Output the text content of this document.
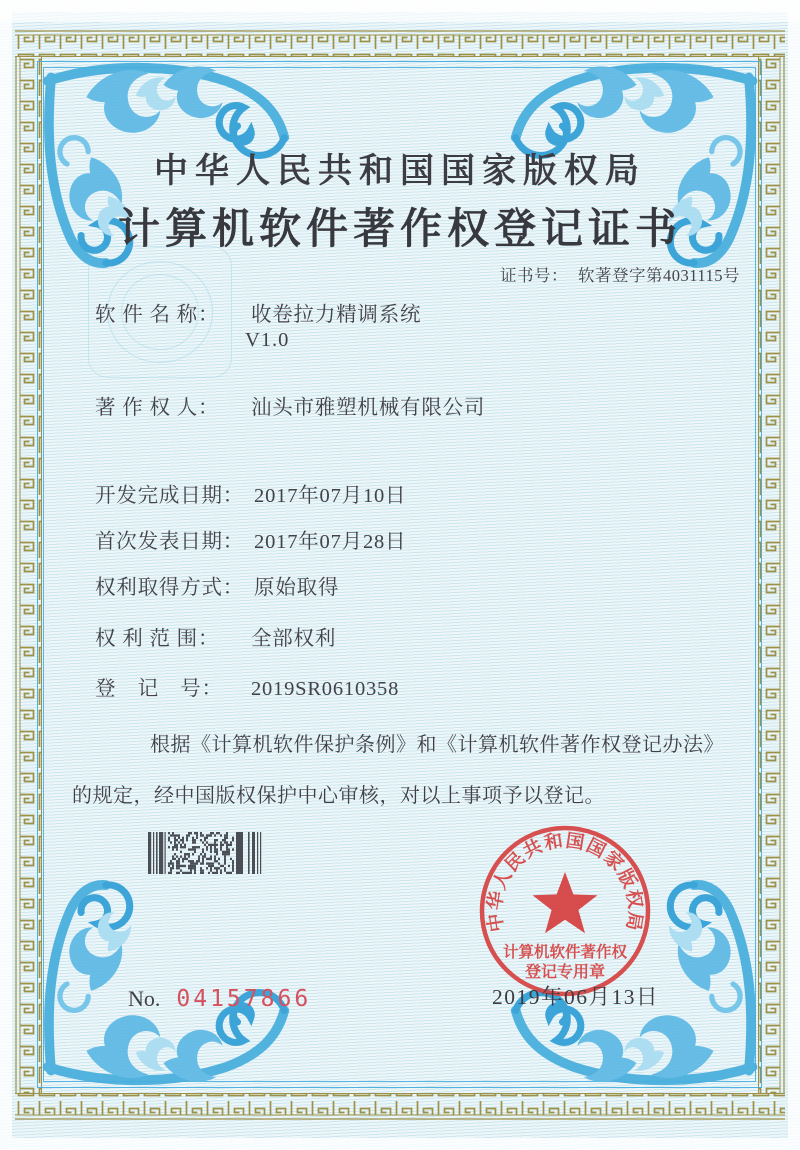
中华人民共和国国家版权局
计算机软件著作权登记证书
证书号： 软著登字第4031115号
软 件 名 称： 收卷拉力精调系统
V1.0
著 作 权 人： 汕头市雅塑机械有限公司
开发完成日期： 2017年07月10日
首次发表日期： 2017年07月28日
权利取得方式： 原始取得
权 利 范 围： 全部权利
登　记　号： 2019SR0610358

根据《计算机软件保护条例》和《计算机软件著作权登记办法》的规定，经中国版权保护中心审核，对以上事项予以登记。

中华人民共和国国家版权局
计算机软件著作权
登记专用章
2019年06月13日
No. 04157866
